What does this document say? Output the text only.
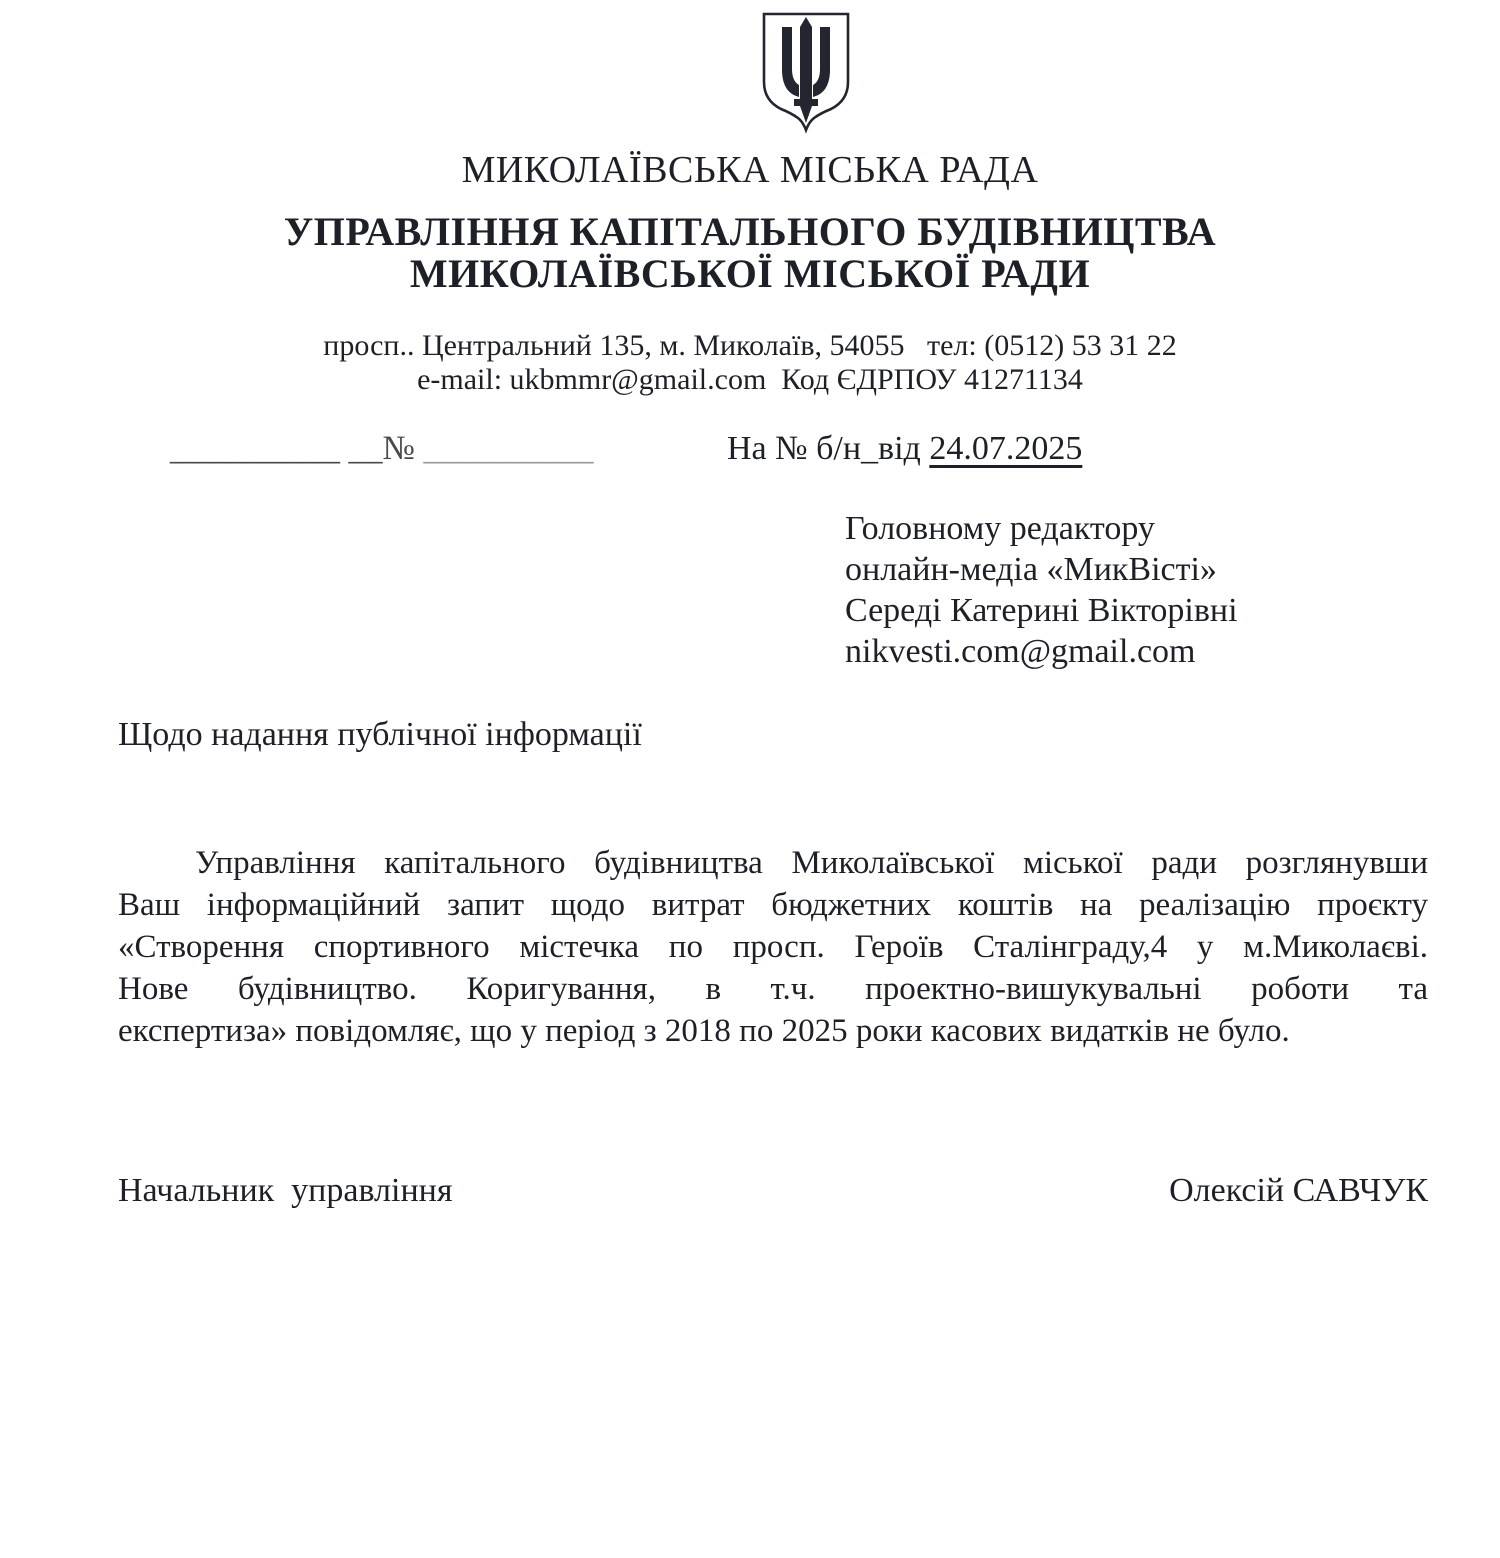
МИКОЛАЇВСЬКА МІСЬКА РАДА
УПРАВЛІННЯ КАПІТАЛЬНОГО БУДІВНИЦТВА
МИКОЛАЇВСЬКОЇ МІСЬКОЇ РАДИ
просп.. Центральний 135, м. Миколаїв, 54055   тел: (0512) 53 31 22
e-mail: ukbmmr@gmail.com  Код ЄДРПОУ 41271134

__________ __№ __________

	На № б/н_від 24.07.2025

Головному редактору
онлайн-медіа «МикВісті»
Середі Катерині Вікторівні
nikvesti.com@gmail.com
Щодо надання публічної інформації
Управління капітального будівництва Миколаївської міської ради розглянувши
Ваш інформаційний запит щодо витрат бюджетних коштів на реалізацію проєкту
«Створення спортивного містечка по просп. Героїв Сталінграду,4 у м.Миколаєві.
Нове будівництво. Коригування, в т.ч. проектно-вишукувальні роботи та
експертиза» повідомляє, що у період з 2018 по 2025 роки касових видатків не було.
Начальник  управління	Олексій САВЧУК
